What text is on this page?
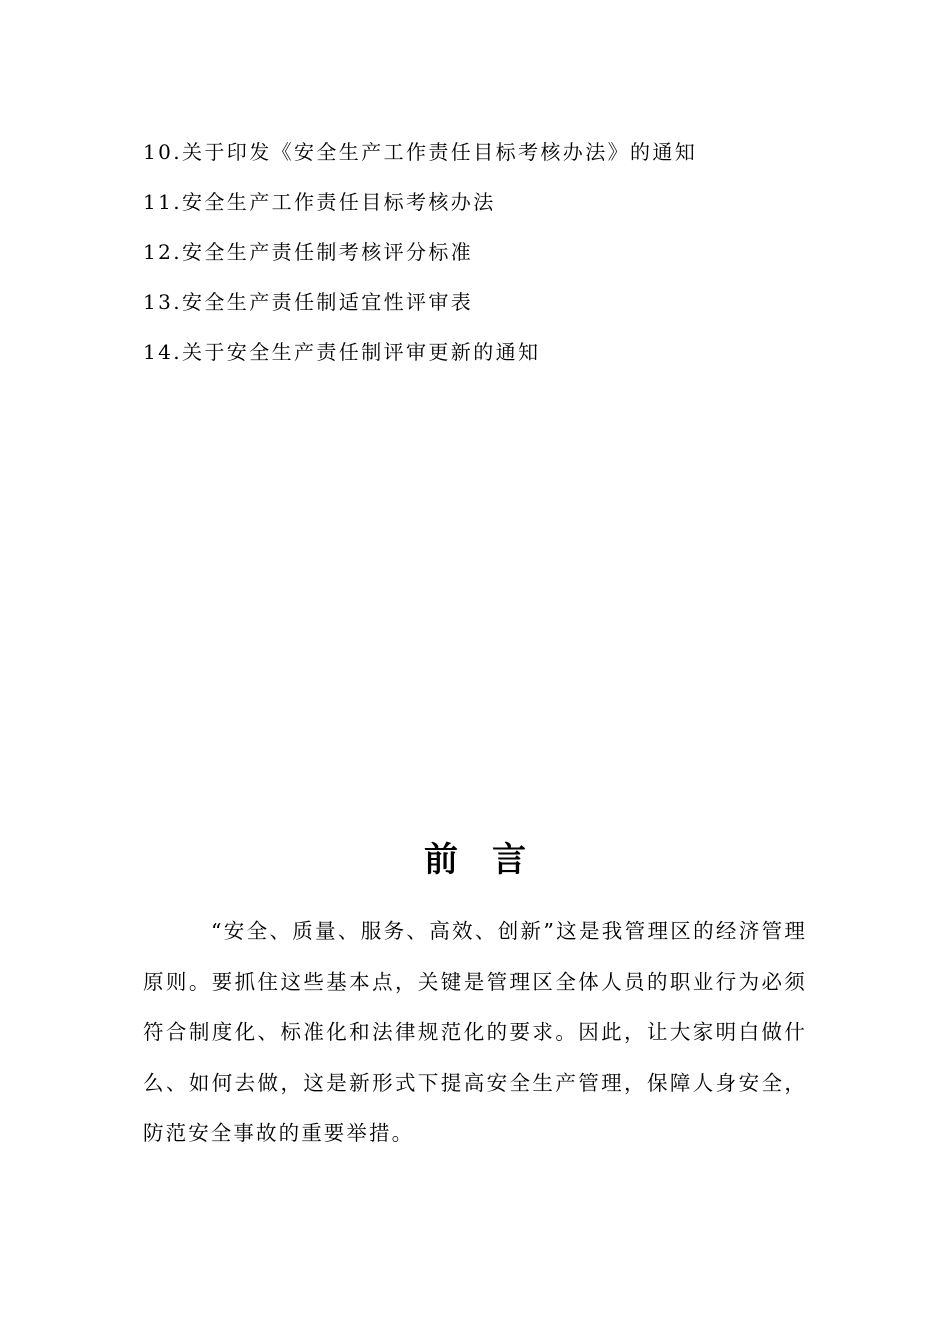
10.关于印发《安全生产工作责任目标考核办法》的通知
11.安全生产工作责任目标考核办法
12.安全生产责任制考核评分标准
13.安全生产责任制适宜性评审表
14.关于安全生产责任制评审更新的通知
前言

“安全、质量、服务、高效、创新”这是我管理区的经济管理原则。要抓住这些基本点，关键是管理区全体人员的职业行为必须符合制度化、标准化和法律规范化的要求。因此，让大家明白做什么、如何去做，这是新形式下提高安全生产管理，保障人身安全，防范安全事故的重要举措。
